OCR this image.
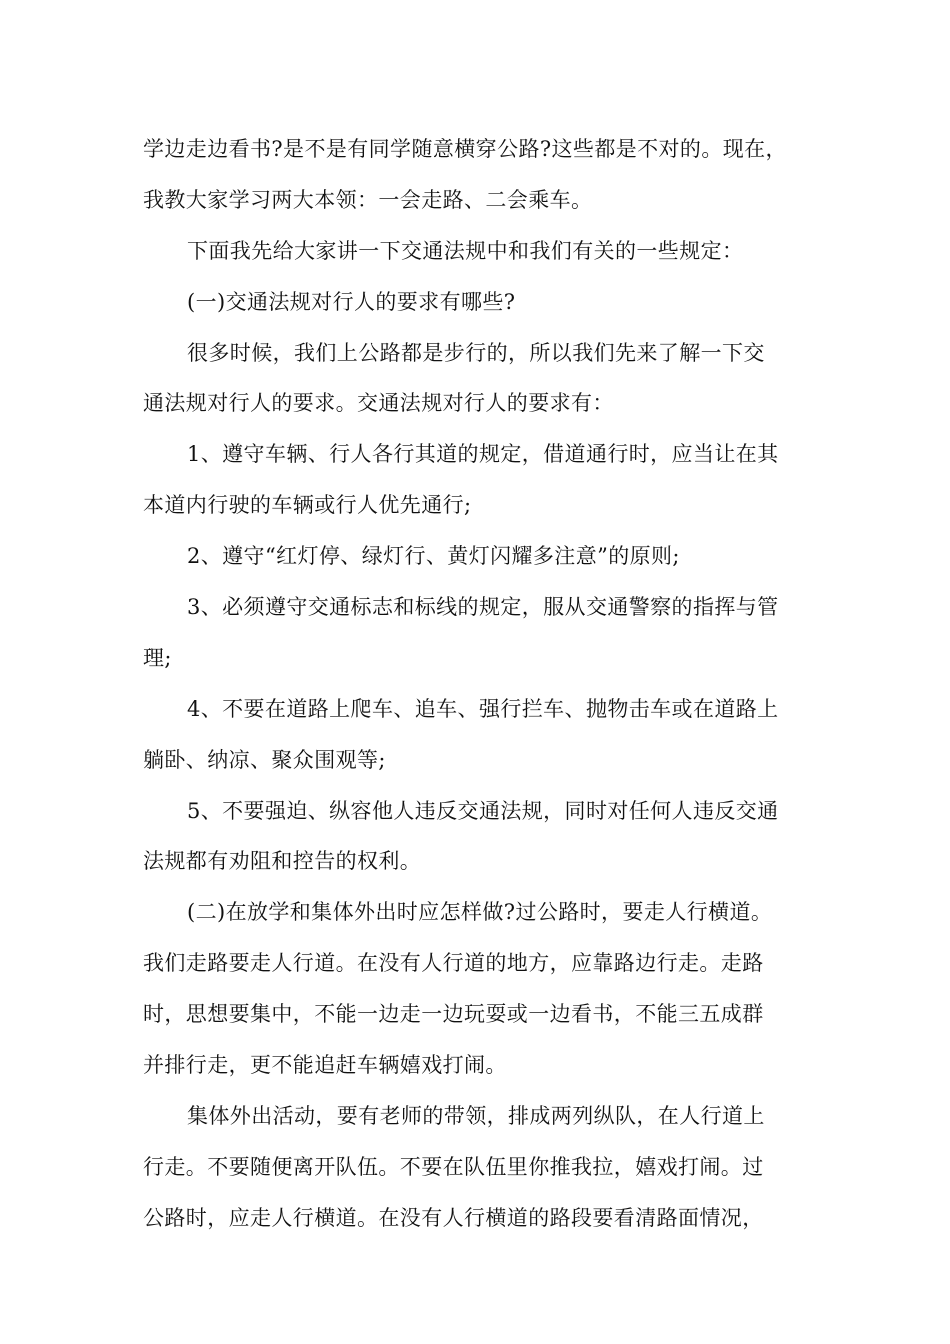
学边走边看书?是不是有同学随意横穿公路?这些都是不对的。现在，
我教大家学习两大本领：一会走路、二会乘车。
下面我先给大家讲一下交通法规中和我们有关的一些规定：
(一)交通法规对行人的要求有哪些?
很多时候，我们上公路都是步行的，所以我们先来了解一下交
通法规对行人的要求。交通法规对行人的要求有：
1、遵守车辆、行人各行其道的规定，借道通行时，应当让在其
本道内行驶的车辆或行人优先通行;
2、遵守“红灯停、绿灯行、黄灯闪耀多注意”的原则;
3、必须遵守交通标志和标线的规定，服从交通警察的指挥与管
理;
4、不要在道路上爬车、追车、强行拦车、抛物击车或在道路上
躺卧、纳凉、聚众围观等;
5、不要强迫、纵容他人违反交通法规，同时对任何人违反交通
法规都有劝阻和控告的权利。
(二)在放学和集体外出时应怎样做?过公路时，要走人行横道。
我们走路要走人行道。在没有人行道的地方，应靠路边行走。走路
时，思想要集中，不能一边走一边玩耍或一边看书，不能三五成群
并排行走，更不能追赶车辆嬉戏打闹。
集体外出活动，要有老师的带领，排成两列纵队，在人行道上
行走。不要随便离开队伍。不要在队伍里你推我拉，嬉戏打闹。过
公路时，应走人行横道。在没有人行横道的路段要看清路面情况，
